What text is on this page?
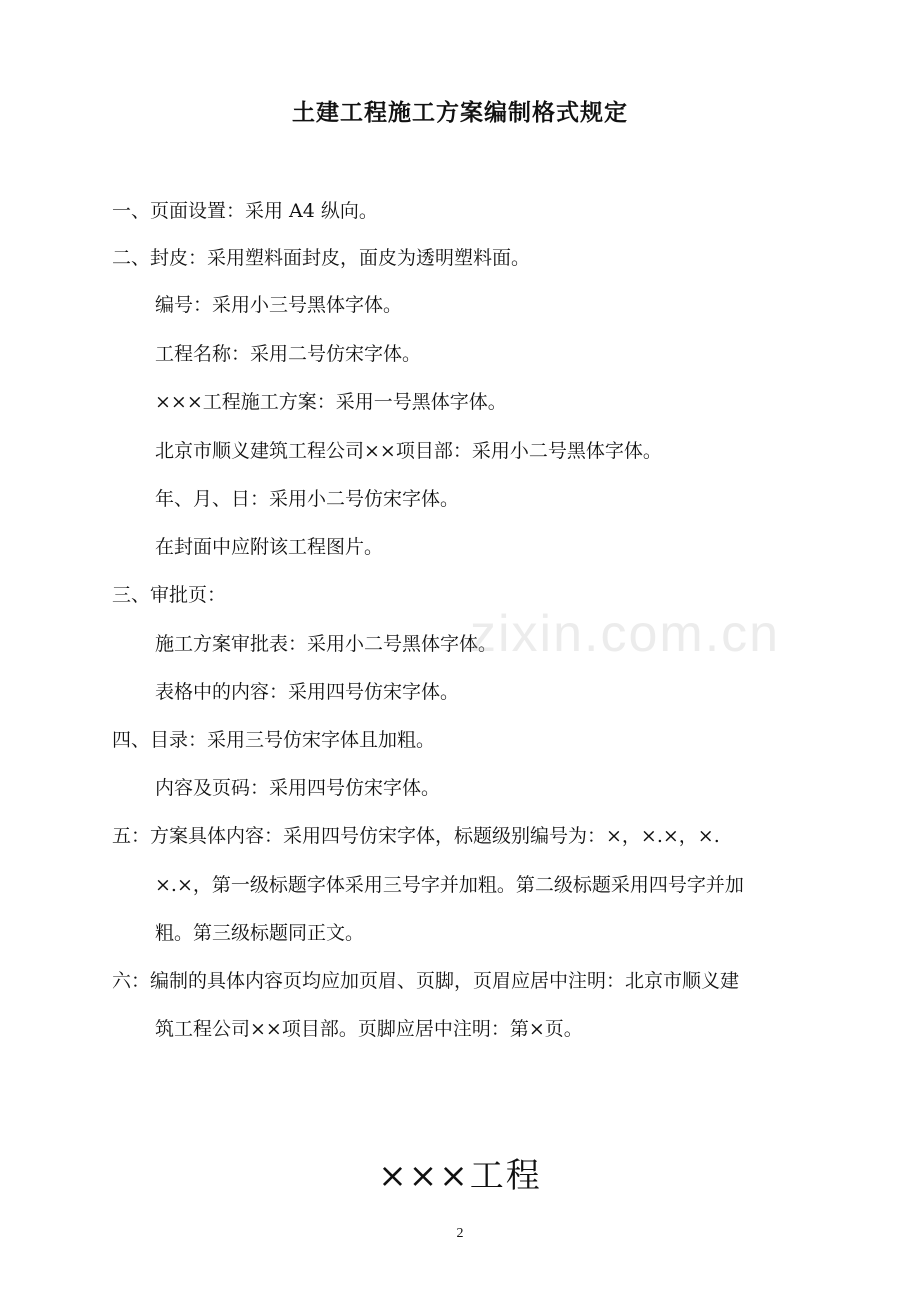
土建工程施工方案编制格式规定
一、页面设置：采用 A4 纵向。
二、封皮：采用塑料面封皮，面皮为透明塑料面。
编号：采用小三号黑体字体。
工程名称：采用二号仿宋字体。
×××工程施工方案：采用一号黑体字体。
北京市顺义建筑工程公司××项目部：采用小二号黑体字体。
年、月、日：采用小二号仿宋字体。
在封面中应附该工程图片。
三、审批页：
施工方案审批表：采用小二号黑体字体。
表格中的内容：采用四号仿宋字体。
四、目录：采用三号仿宋字体且加粗。
内容及页码：采用四号仿宋字体。
五：方案具体内容：采用四号仿宋字体，标题级别编号为：×，×.×，×.
×.×，第一级标题字体采用三号字并加粗。第二级标题采用四号字并加
粗。第三级标题同正文。
六：编制的具体内容页均应加页眉、页脚，页眉应居中注明：北京市顺义建
筑工程公司××项目部。页脚应居中注明：第×页。
×××工程
2
zixin.com.cn
